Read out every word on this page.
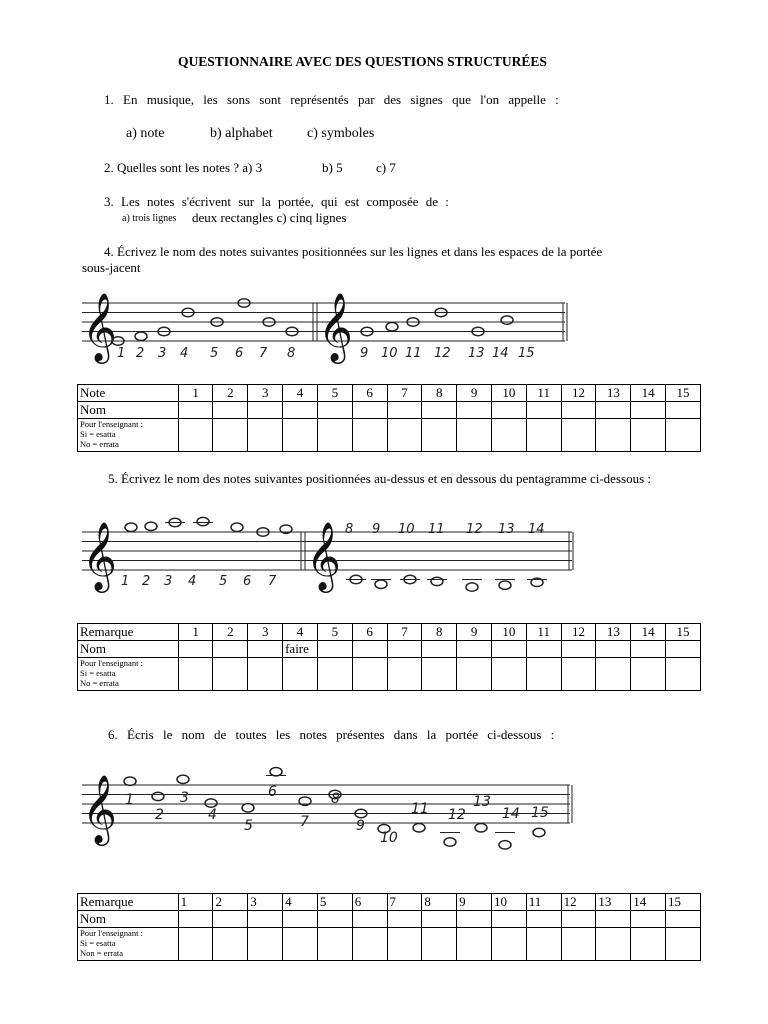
QUESTIONNAIRE AVEC DES QUESTIONS STRUCTURÉES
1. En musique, les sons sont représentés par des signes que l'on appelle :
a) note	b) alphabet c) symboles
2. Quelles sont les notes ? a) 3	b) 5	c) 7
3. Les notes s'écrivent sur la portée, qui est composée de :
a) trois lignes deux rectangles c) cinq lignes
4. Écrivez le nom des notes suivantes positionnées sur les lignes et dans les espaces de la portée
sous-jacent
𝄞	𝄞
1 2 3 4 5 6 7 8	9 10 11 12 13 14 15
𝄞	𝄞
1 2 3 4 5 6 7
8 9 10 11 12 13 14
𝄞 1
2
3
4
5
6
7
8
9
10
11 12
13
14 15
Note	1	2	3	4	5	6	7	8	9	10	11	12	13	14	15
Nom															

Pour l'enseignant :
Si = esatta
No = errata															

5. Écrivez le nom des notes suivantes positionnées au-dessus et en dessous du pentagramme ci-dessous :
Remarque	1	2	3	4	5	6	7	8	9	10	11	12	13	14	15
Nom				faire											

Pour l'enseignant :
Si = esatta
No = errata															

6. Écris le nom de toutes les notes présentes dans la portée ci-dessous :
Remarque	1	2	3	4	5	6	7	8	9	10	11	12	13	14	15
Nom															

Pour l'enseignant :
Si = esatta
Non = errata															
